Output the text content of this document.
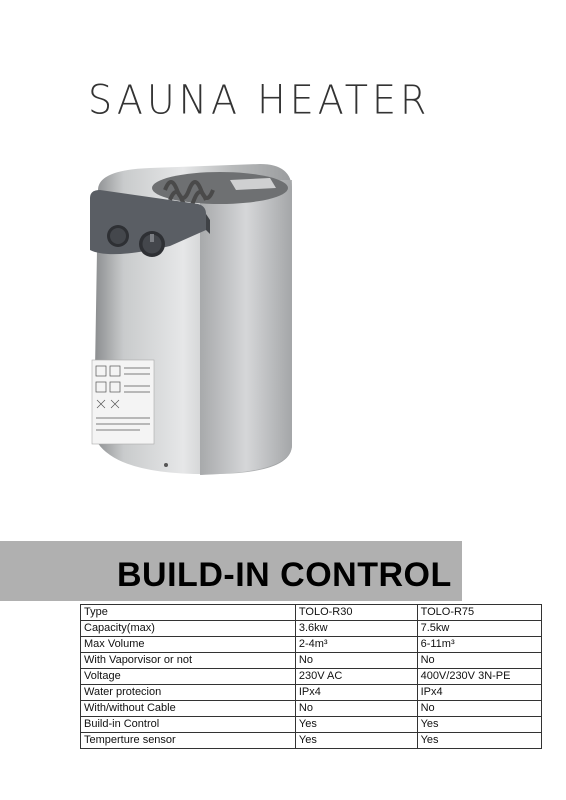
SAUNA HEATER
BUILD-IN CONTROL
Type	TOLO-R30	TOLO-R75
Capacity(max)	3.6kw	7.5kw
Max Volume	2-4m³	6-11m³
With Vaporvisor or not	No	No
Voltage	230V AC	400V/230V 3N-PE
Water protecion	IPx4	IPx4
With/without Cable	No	No
Build-in Control	Yes	Yes
Temperture sensor	Yes	Yes
